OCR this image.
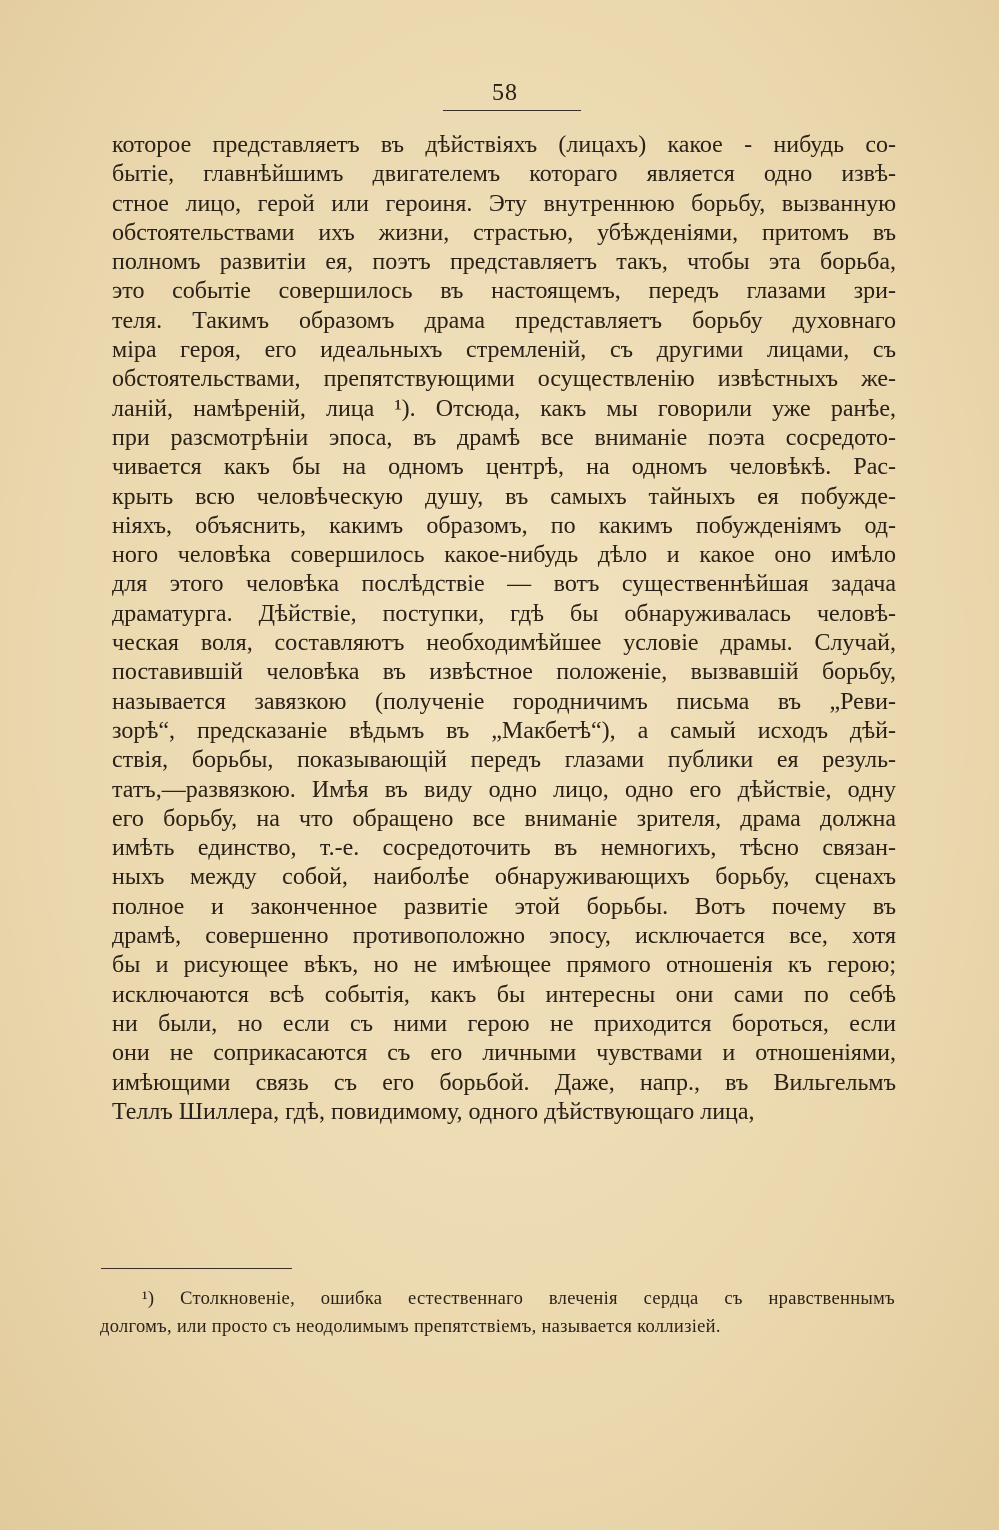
58
которое представляетъ въ дѣйствiяхъ (лицахъ) какое - нибудь со-
бытiе, главнѣйшимъ двигателемъ котораго является одно извѣ-
стное лицо, герой или героиня. Эту внутреннюю борьбу, вызванную
обстоятельствами ихъ жизни, страстью, убѣжденiями, притомъ въ
полномъ развитiи ея, поэтъ представляетъ такъ, чтобы эта борьба,
это событiе совершилось въ настоящемъ, передъ глазами зри-
теля. Такимъ образомъ драма представляетъ борьбу духовнаго
мiра героя, его идеальныхъ стремленiй, съ другими лицами, съ
обстоятельствами, препятствующими осуществленiю извѣстныхъ же-
ланiй, намѣренiй, лица ¹). Отсюда, какъ мы говорили уже ранѣе,
при разсмотрѣнiи эпоса, въ драмѣ все вниманiе поэта сосредото-
чивается какъ бы на одномъ центрѣ, на одномъ человѣкѣ. Рас-
крыть всю человѣческую душу, въ самыхъ тайныхъ ея побужде-
нiяхъ, объяснить, какимъ образомъ, по какимъ побужденiямъ од-
ного человѣка совершилось какое-нибудь дѣло и какое оно имѣло
для этого человѣка послѣдствiе — вотъ существеннѣйшая задача
драматурга. Дѣйствiе, поступки, гдѣ бы обнаруживалась человѣ-
ческая воля, составляютъ необходимѣйшее условiе драмы. Случай,
поставившiй человѣка въ извѣстное положенiе, вызвавшiй борьбу,
называется завязкою (полученiе городничимъ письма въ „Реви-
зорѣ“, предсказанiе вѣдьмъ въ „Макбетѣ“), а самый исходъ дѣй-
ствiя, борьбы, показывающiй передъ глазами публики ея резуль-
татъ,—развязкою. Имѣя въ виду одно лицо, одно его дѣйствiе, одну
его борьбу, на что обращено все вниманiе зрителя, драма должна
имѣть единство, т.-е. сосредоточить въ немногихъ, тѣсно связан-
ныхъ между собой, наиболѣе обнаруживающихъ борьбу, сценахъ
полное и законченное развитiе этой борьбы. Вотъ почему въ
драмѣ, совершенно противоположно эпосу, исключается все, хотя
бы и рисующее вѣкъ, но не имѣющее прямого отношенiя къ герою;
исключаются всѣ событiя, какъ бы интересны они сами по себѣ
ни были, но если съ ними герою не приходится бороться, если
они не соприкасаются съ его личными чувствами и отношенiями,
имѣющими связь съ его борьбой. Даже, напр., въ Вильгельмъ
Теллъ Шиллера, гдѣ, повидимому, одного дѣйствующаго лица,
¹) Столкновенiе, ошибка естественнаго влеченiя сердца съ нравственнымъ
долгомъ, или просто съ неодолимымъ препятствiемъ, называется коллизiей.
